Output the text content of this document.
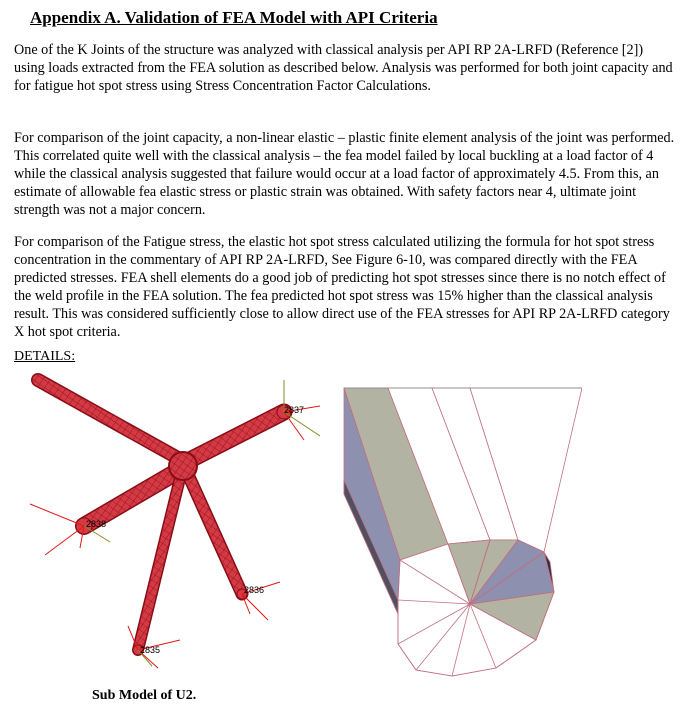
Appendix A. Validation of FEA Model with API Criteria

One of the K Joints of the structure was analyzed with classical analysis per API RP 2A-LRFD (Reference [2]) using loads extracted from the FEA solution as described below. Analysis was performed for both joint capacity and for fatigue hot spot stress using Stress Concentration Factor Calculations.

For comparison of the joint capacity, a non-linear elastic – plastic finite element analysis of the joint was performed. This correlated quite well with the classical analysis – the fea model failed by local buckling at a load factor of 4 while the classical analysis suggested that failure would occur at a load factor of approximately 4.5. From this, an estimate of allowable fea elastic stress or plastic strain was obtained. With safety factors near 4, ultimate joint strength was not a major concern.

For comparison of the Fatigue stress, the elastic hot spot stress calculated utilizing the formula for hot spot stress concentration in the commentary of API RP 2A-LRFD, See Figure 6-10, was compared directly with the FEA predicted stresses. FEA shell elements do a good job of predicting hot spot stresses since there is no notch effect of the weld profile in the FEA solution. The fea predicted hot spot stress was 15% higher than the classical analysis result. This was considered sufficiently close to allow direct use of the FEA stresses for API RP 2A-LRFD category X hot spot criteria.

DETAILS:
2837
2838
2836
2835
Sub Model of U2.
